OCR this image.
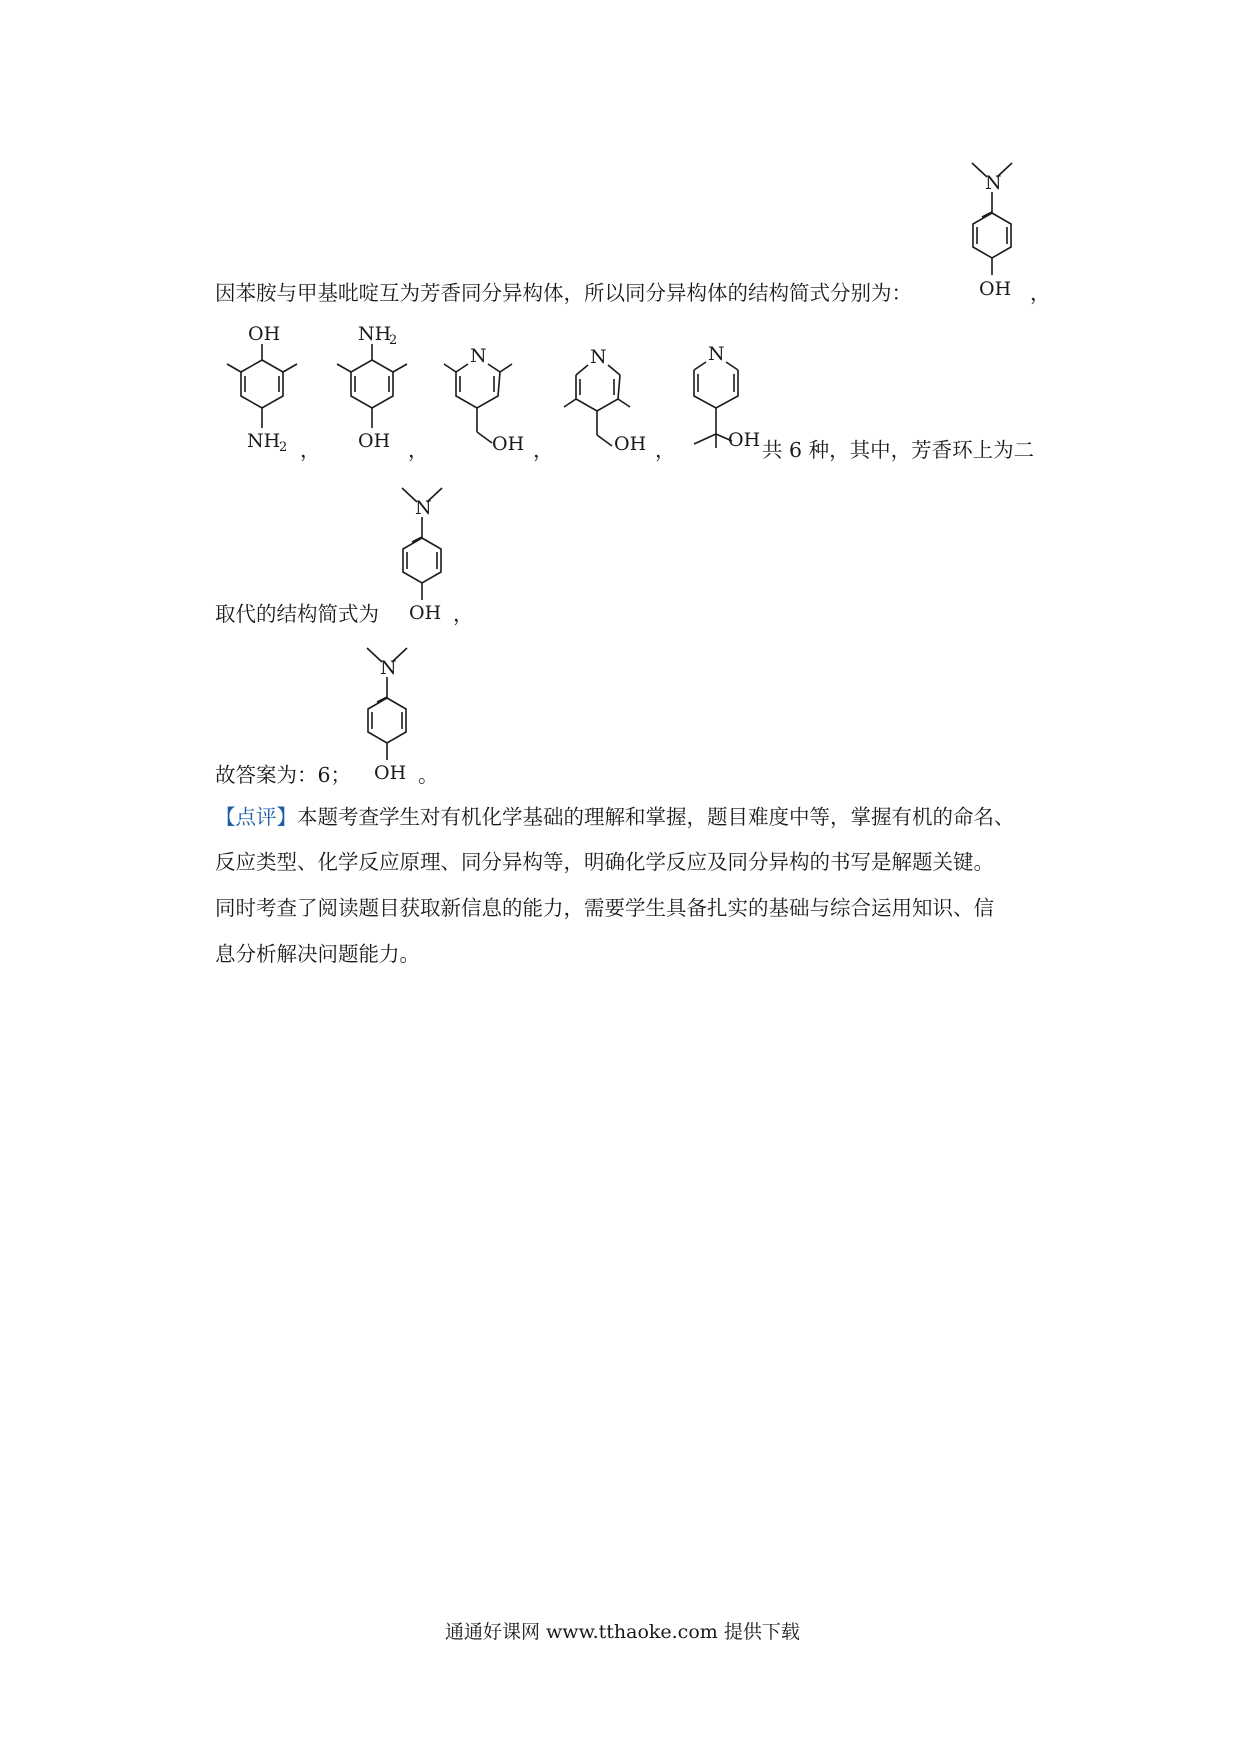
因苯胺与甲基吡啶互为芳香同分异构体，所以同分异构体的结构简式分别为：
N
OH ，
OH
NH
2 ，
NH
2
OH ，
N
OH ，
N
OH ，
N
OH 共 6 种，其中，芳香环上为二
取代的结构简式为
N
OH ，
故答案为：6；
N
OH 。
【点评】本题考查学生对有机化学基础的理解和掌握，题目难度中等，掌握有机的命名、
反应类型、化学反应原理、同分异构等，明确化学反应及同分异构的书写是解题关键。
同时考查了阅读题目获取新信息的能力，需要学生具备扎实的基础与综合运用知识、信
息分析解决问题能力。
通通好课网 www.tthaoke.com 提供下载
